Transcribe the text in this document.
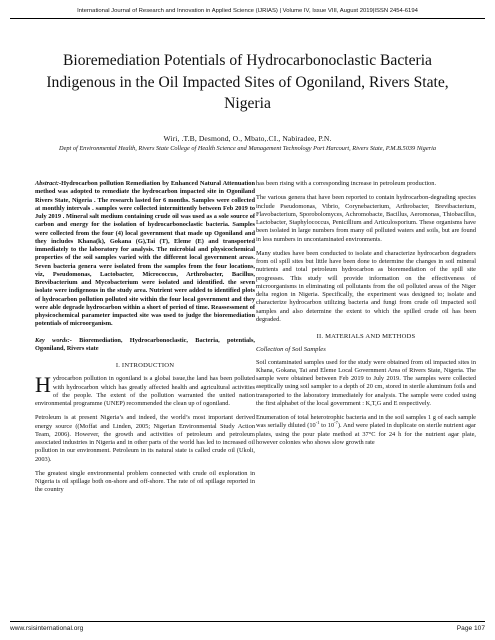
International Journal of Research and Innovation in Applied Science (IJRIAS) | Volume IV, Issue VIII, August 2019|ISSN 2454-6194
Bioremediation Potentials of Hydrocarbonoclastic Bacteria Indigenous in the Oil Impacted Sites of Ogoniland, Rivers State, Nigeria
Wiri, .T.B, Desmond, O., Mbato,.CI., Nabiradee, P.N.
Dept of Environmental Health, Rivers State College of Health Science and Management Technology Port Harcourt, Rivers State, P.M.B.5039 Nigeria

Abstract:-Hydrocarbon pollution Remediation by Enhanced Natural Attenuation method was adopted to remediate the hydrocarbon impacted site in Ogoniland Rivers State, Nigeria . The research lasted for 6 months. Samples were collected at monthly intervals . samples were collected intermittently between Feb 2019 to July 2019 . Mineral salt medium containing crude oil was used as a sole source of carbon and energy for the isolation of hydrocarbonoclastic bacteria. Samples were collected from the four (4) local government that made up Ogoniland and they includes Khana(k), Gokana (G),Tai (T), Eleme (E) and transported immediately to the laboratory for analysis. The microbial and physicochemical properties of the soil samples varied with the different local government areas. Seven bacteria genera were isolated from the samples from the four locations, viz, Pseudomonas, Lactobacter, Micrococcus, Arthrobacter, Bacillus, Brevibacterium and Mycobacterium were isolated and identified. the seven isolate were indigenous in the study area. Nutrient were added to identified plots of hydrocarbon pollution polluted site within the four local government and they were able degrade hydrocarbon within a short of period of time. Reassessment of physicochemical parameter impacted site was used to judge the bioremediation potentials of microorganism.

Key words:- Bioremediation, Hydrocarbonoclastic, Bacteria, potentials, Ogoniland, Rivers state

I. INTRODUCTION

Hydrocarbon pollution in ogoniland is a global issue,the land has been polluted with hydrocarbon which has greatly affected health and agricultural activities of the people. The extent of the pollution warranted the united nation environmental programme (UNEP) recommended the clean up of ogoniland.

Petroleum is at present Nigeria’s and indeed, the world’s most important derived energy source ((Moffat and Linden, 2005; Nigerian Environmental Study Action Team, 2006). However, the growth and activities of petroleum and petroleum associated industries in Nigeria and in other parts of the world has led to increased oil pollution in our environment. Petroleum in its natural state is called crude oil (Ukoli, 2003).

The greatest single environmental problem connected with crude oil exploration in Nigeria is oil spillage both on-shore and off-shore. The rate of oil spillage reported in the country

has been rising with a corresponding increase in petroleum production.

The various genera that have been reported to contain hydrocarbon-degrading species include Pseudomonas, Vibrio, Corynebacterium, Arthrobacter, Brevibacterium, Flavobacterium, Sporobolomyces, Achromobacte, Bacillus, Aeromonas, Thiobacillus, Lactobacter, Staphylococcus, Penicillium and Articulosporium. These organisms have been isolated in large numbers from many oil polluted waters and soils, but are found in less numbers in uncontaminated environments.

Many studies have been conducted to isolate and characterize hydrocarbon degraders from oil spill sites but little have been done to determine the changes in soil mineral nutrients and total petroleum hydrocarbon as bioremediation of the spill site progresses. This study will provide information on the effectiveness of microorganisms in eliminating oil pollutants from the oil polluted areas of the Niger delta region in Nigeria. Specifically, the experiment was designed to; isolate and characterize hydrocarbon utilizing bacteria and fungi from crude oil impacted soil samples and also determine the extent to which the spilled crude oil has been degraded.

II. MATERIALS AND METHODS
Collection of Soil Samples

Soil contaminated samples used for the study were obtained from oil impacted sites in Khana, Gokana, Tai and Eleme Local Government Area of Rivers State, Nigeria. The sample were obtained between Feb 2019 to July 2019. The samples were collected aseptically using soil sampler to a depth of 20 cm, stored in sterile aluminum foils and transported to the laboratory immediately for analysis. The sample were coded using the first alphabet of the local government : K,T,G and E respectively.

Enumeration of total heterotrophic bacteria and in the soil samples 1 g of each sample was serially diluted ($10^{-1}$ to $10^{-7}$). And were plated in duplicate on sterile nutrient agar plates, using the pour plate method at 37°C for 24 h for the nutrient agar plate, however colonies who shows slow growth rate

www.rsisinternational.org	Page 107
